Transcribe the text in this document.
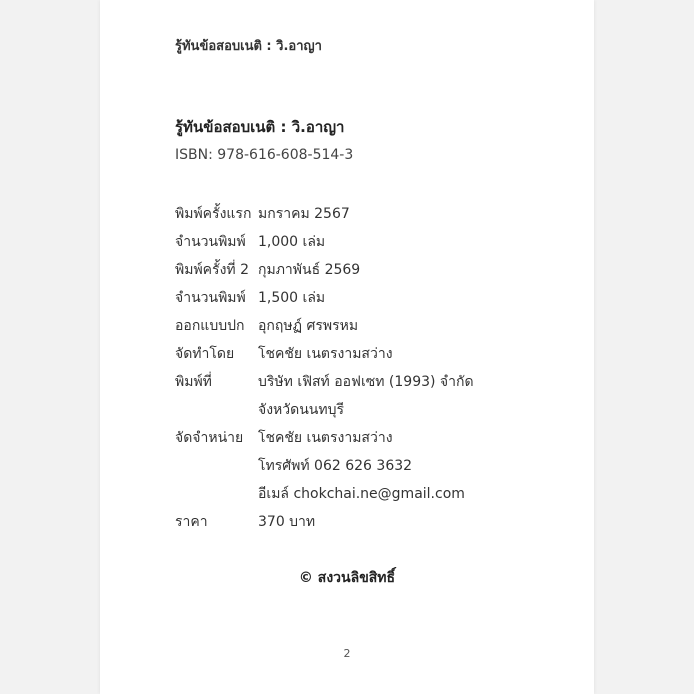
รู้ทันข้อสอบเนติ : วิ.อาญา
รู้ทันข้อสอบเนติ : วิ.อาญา
ISBN: 978-616-608-514-3
พิมพ์ครั้งแรก มกราคม 2567
จำนวนพิมพ์ 1,000 เล่ม
พิมพ์ครั้งที่ 2 กุมภาพันธ์ 2569
จำนวนพิมพ์ 1,500 เล่ม
ออกแบบปก อุกฤษฏ์ ศรพรหม
จัดทำโดย โชคชัย เนตรงามสว่าง
พิมพ์ที่	บริษัท เฟิสท์ ออฟเซท (1993) จำกัด
จังหวัดนนทบุรี
จัดจำหน่าย โชคชัย เนตรงามสว่าง
โทรศัพท์ 062 626 3632
อีเมล์ chokchai.ne@gmail.com
ราคา	370 บาท
© สงวนลิขสิทธิ์
2
